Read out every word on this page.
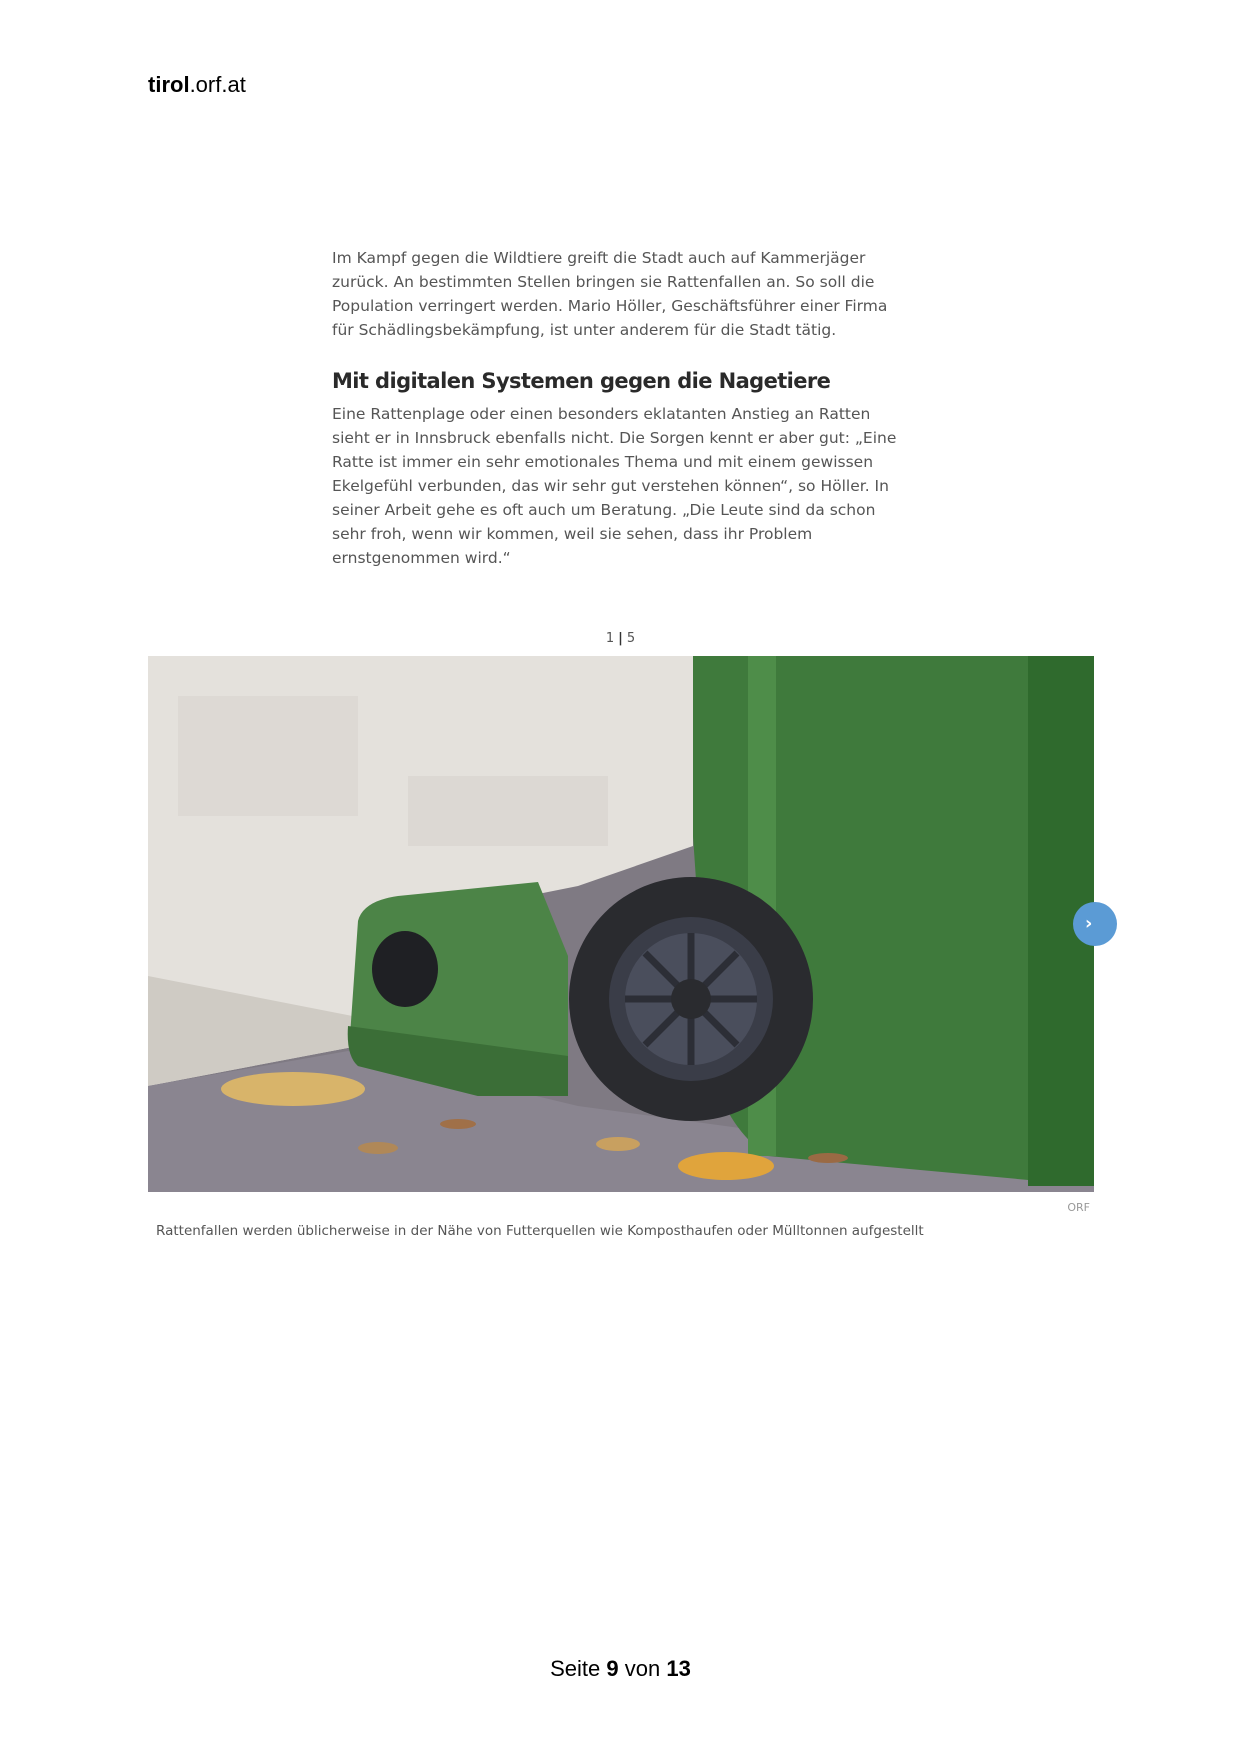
tirol.orf.at

Im Kampf gegen die Wildtiere greift die Stadt auch auf Kammerjäger zurück. An bestimmten Stellen bringen sie Rattenfallen an. So soll die Population verringert werden. Mario Höller, Geschäftsführer einer Firma für Schädlingsbekämpfung, ist unter anderem für die Stadt tätig.

Mit digitalen Systemen gegen die Nagetiere

Eine Rattenplage oder einen besonders eklatanten Anstieg an Ratten sieht er in Innsbruck ebenfalls nicht. Die Sorgen kennt er aber gut: „Eine Ratte ist immer ein sehr emotionales Thema und mit einem gewissen Ekelgefühl verbunden, das wir sehr gut verstehen können“, so Höller. In seiner Arbeit gehe es oft auch um Beratung. „Die Leute sind da schon sehr froh, wenn wir kommen, weil sie sehen, dass ihr Problem ernstgenommen wird.“

1 | 5
›
ORF
Rattenfallen werden üblicherweise in der Nähe von Futterquellen wie Komposthaufen oder Mülltonnen aufgestellt
Seite 9 von 13
